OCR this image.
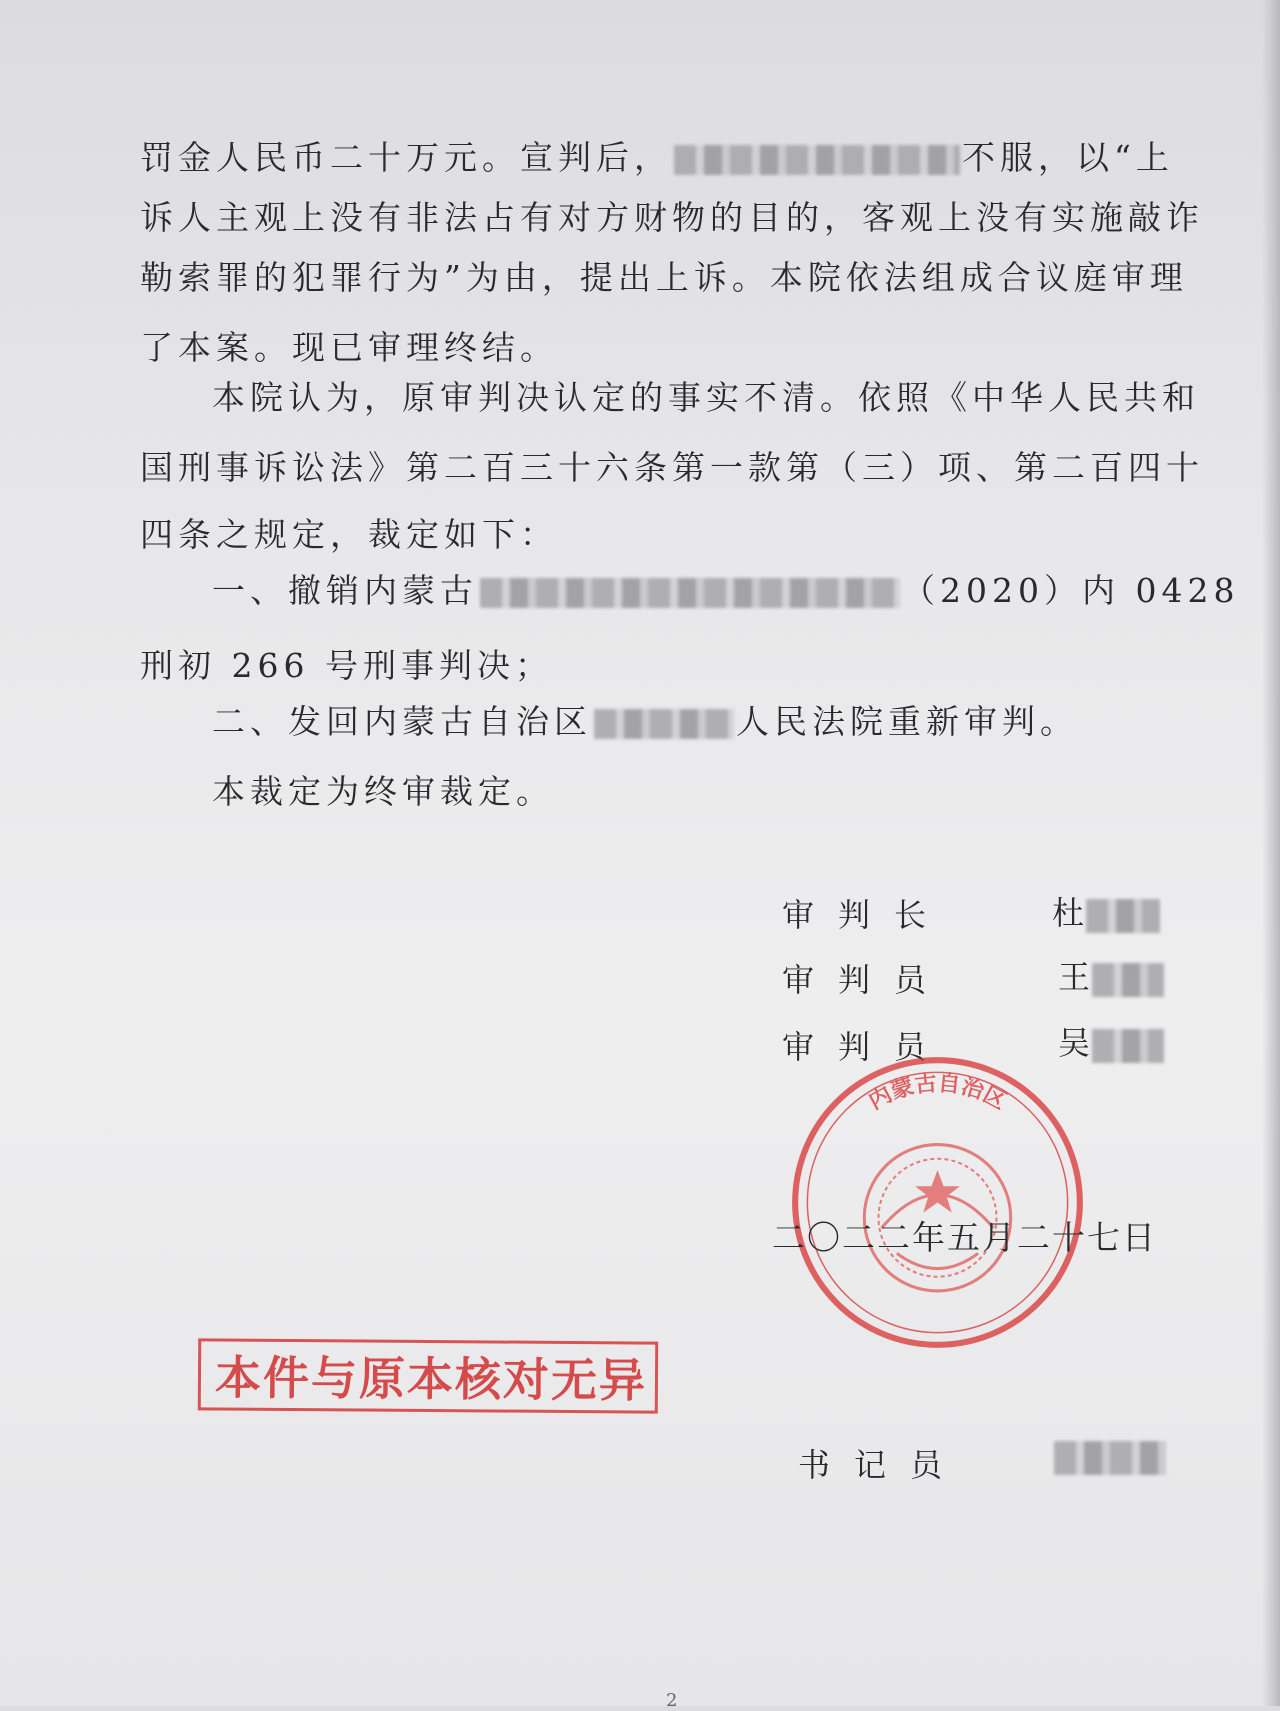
罚金人民币二十万元。宣判后，	不服，以“上
诉人主观上没有非法占有对方财物的目的，客观上没有实施敲诈
勒索罪的犯罪行为”为由，提出上诉。本院依法组成合议庭审理
了本案。现已审理终结。
本院认为，原审判决认定的事实不清。依照《中华人民共和
国刑事诉讼法》第二百三十六条第一款第（三）项、第二百四十
四条之规定，裁定如下：
一、撤销内蒙古	（2020）内 0428
刑初 266 号刑事判决；
二、发回内蒙古自治区	人民法院重新审判。
本裁定为终审裁定。
审判长	杜
审判员	王
审判员	吴
内蒙古自治区
二〇二二年五月二十七日
本件与原本核对无异
书记员
2
